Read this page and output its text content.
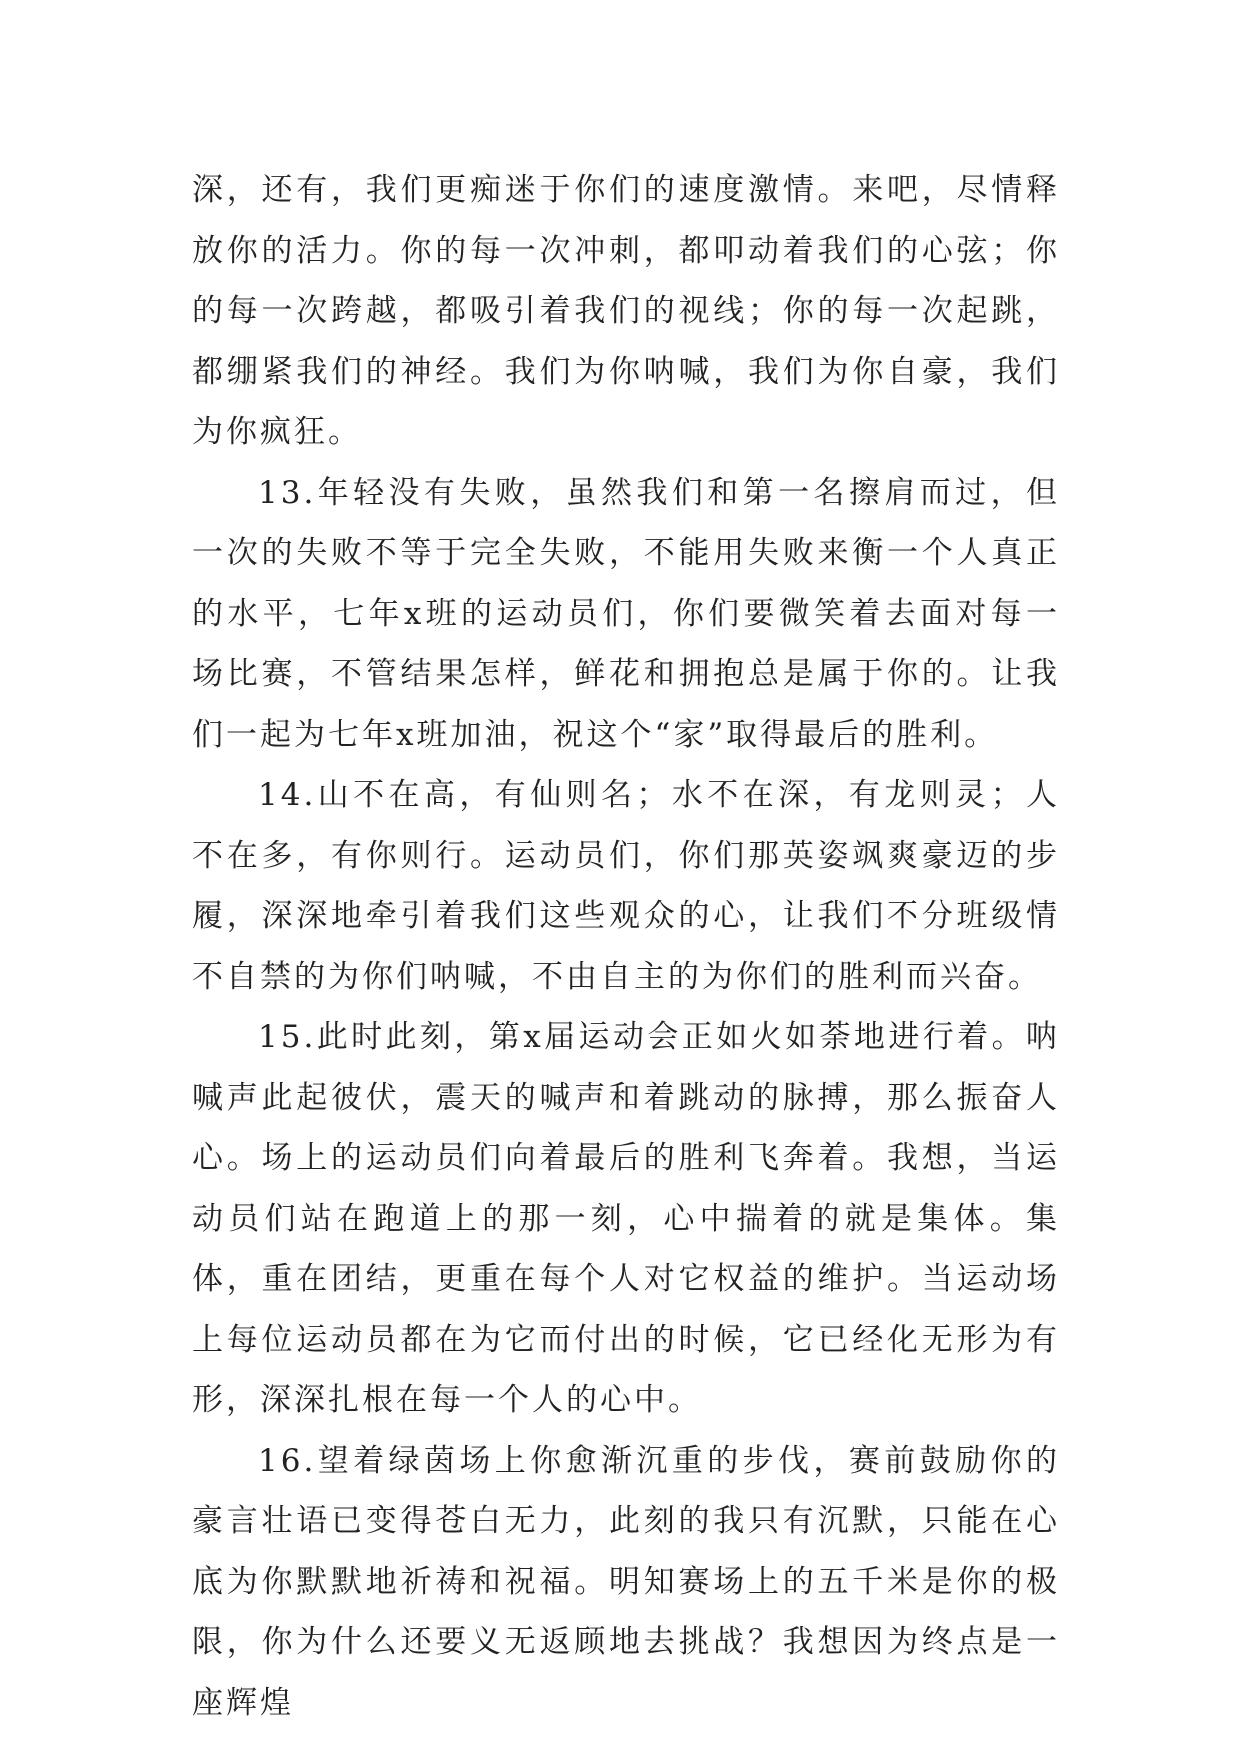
深，还有，我们更痴迷于你们的速度激情。来吧，尽情释放你的活力。你的每一次冲刺，都叩动着我们的心弦；你的每一次跨越，都吸引着我们的视线；你的每一次起跳，都绷紧我们的神经。我们为你呐喊，我们为你自豪，我们为你疯狂。

13.年轻没有失败，虽然我们和第一名擦肩而过，但一次的失败不等于完全失败，不能用失败来衡一个人真正的水平，七年x班的运动员们，你们要微笑着去面对每一场比赛，不管结果怎样，鲜花和拥抱总是属于你的。让我们一起为七年x班加油，祝这个“家”取得最后的胜利。

14.山不在高，有仙则名；水不在深，有龙则灵；人不在多，有你则行。运动员们，你们那英姿飒爽豪迈的步履，深深地牵引着我们这些观众的心，让我们不分班级情不自禁的为你们呐喊，不由自主的为你们的胜利而兴奋。

15.此时此刻，第x届运动会正如火如荼地进行着。呐喊声此起彼伏，震天的喊声和着跳动的脉搏，那么振奋人心。场上的运动员们向着最后的胜利飞奔着。我想，当运动员们站在跑道上的那一刻，心中揣着的就是集体。集体，重在团结，更重在每个人对它权益的维护。当运动场上每位运动员都在为它而付出的时候，它已经化无形为有形，深深扎根在每一个人的心中。

16.望着绿茵场上你愈渐沉重的步伐，赛前鼓励你的豪言壮语已变得苍白无力，此刻的我只有沉默，只能在心底为你默默地祈祷和祝福。明知赛场上的五千米是你的极限，你为什么还要义无返顾地去挑战？我想因为终点是一座辉煌
